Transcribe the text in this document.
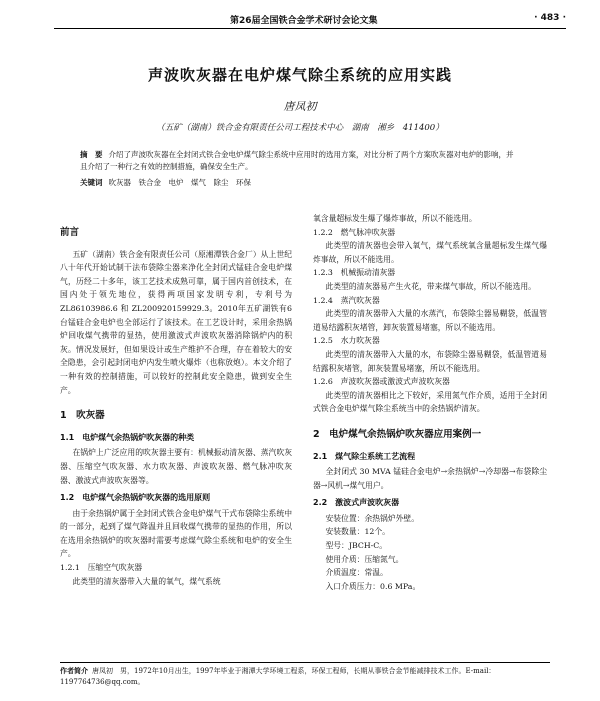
第26届全国铁合金学术研讨会论文集	· 483 ·
声波吹灰器在电炉煤气除尘系统的应用实践
唐凤初
（五矿（湖南）铁合金有限责任公司工程技术中心　湖南　湘乡　411400）
摘　要 介绍了声波吹灰器在全封闭式铁合金电炉煤气除尘系统中应用时的选用方案，对比分析了两个方案吹灰器对电炉的影响，并且介绍了一种行之有效的控制措施，确保安全生产。
关键词 吹灰器　铁合金　电炉　煤气　除尘　环保
前言

五矿（湖南）铁合金有限责任公司（原湘潭铁合金厂）从上世纪八十年代开始试制干法布袋除尘器来净化全封闭式锰硅合金电炉煤气，历经二十多年，该工艺技术成熟可靠，属于国内首创技术，在国内处于领先地位，获得两项国家发明专利，专利号为 ZL86103986.6 和 ZL200920159929.3。2010年五矿湖铁有6台锰硅合金电炉也全部运行了该技术。在工艺设计时，采用余热锅炉回收煤气携带的显热，使用激波式声波吹灰器消除锅炉内的积灰。情况发展好，但如果设计或生产维护不合理，存在着较大的安全隐患，会引起封闭电炉内发生喷火爆炸（也称放炮）。本文介绍了一种有效的控制措施，可以较好的控制此安全隐患，做到安全生产。

1　吹灰器
1.1　电炉煤气余热锅炉吹灰器的种类

在锅炉上广泛应用的吹灰器主要有：机械振动清灰器、蒸汽吹灰器、压缩空气吹灰器、水力吹灰器、声波吹灰器、燃气脉冲吹灰器、激波式声波吹灰器等。

1.2　电炉煤气余热锅炉吹灰器的选用原则

由于余热锅炉属于全封闭式铁合金电炉煤气干式布袋除尘系统中的一部分，起到了煤气降温并且回收煤气携带的显热的作用，所以在选用余热锅炉的吹灰器时需要考虑煤气除尘系统和电炉的安全生产。

1.2.1　压缩空气吹灰器

此类型的清灰器带入大量的氧气，煤气系统

氧含量超标发生爆了爆炸事故，所以不能选用。

1.2.2　燃气脉冲吹灰器

此类型的清灰器也会带入氧气，煤气系统氧含量超标发生煤气爆炸事故，所以不能选用。

1.2.3　机械振动清灰器

此类型的清灰器易产生火花，带来煤气事故，所以不能选用。

1.2.4　蒸汽吹灰器

此类型的清灰器带入大量的水蒸汽，布袋除尘器易糊袋，低温管道易结露积灰堵管，卸灰装置易堵塞，所以不能选用。

1.2.5　水力吹灰器

此类型的清灰器带入大量的水，布袋除尘器易糊袋，低温管道易结露积灰堵管，卸灰装置易堵塞，所以不能选用。

1.2.6　声波吹灰器或激波式声波吹灰器

此类型的清灰器相比之下较好，采用氮气作介质，适用于全封闭式铁合金电炉煤气除尘系统当中的余热锅炉清灰。

2　电炉煤气余热锅炉吹灰器应用案例一
2.1　煤气除尘系统工艺流程

全封闭式 30 MVA 锰硅合金电炉→余热锅炉→冷却器→布袋除尘器→风机→煤气用户。

2.2　激波式声波吹灰器

安装位置：余热锅炉外壁。

安装数量：12个。

型号：JBCH-C。

使用介质：压缩氮气。

介质温度：常温。

入口介质压力：0.6 MPa。

作者简介 唐凤初　男，1972年10月出生，1997年毕业于湘潭大学环境工程系，环保工程师，长期从事铁合金节能减排技术工作。E-mail：1197764736@qq.com。
